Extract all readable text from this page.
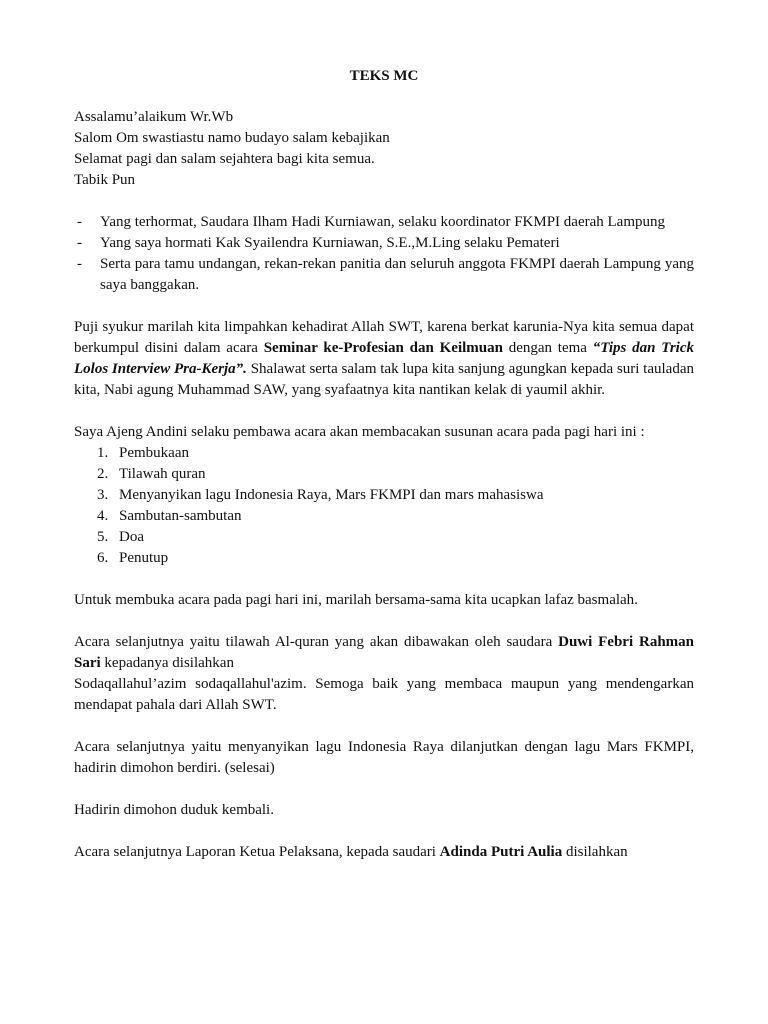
TEKS MC

Assalamu’alaikum Wr.Wb

Salom Om swastiastu namo budayo salam kebajikan

Selamat pagi dan salam sejahtera bagi kita semua.

Tabik Pun

- Yang terhormat, Saudara Ilham Hadi Kurniawan, selaku koordinator FKMPI daerah Lampung
- Yang saya hormati Kak Syailendra Kurniawan, S.E.,M.Ling selaku Pemateri
- Serta para tamu undangan, rekan-rekan panitia dan seluruh anggota FKMPI daerah Lampung yang saya banggakan.

Puji syukur marilah kita limpahkan kehadirat Allah SWT, karena berkat karunia-Nya kita semua dapat berkumpul disini dalam acara Seminar ke-Profesian dan Keilmuan dengan tema “Tips dan Trick Lolos Interview Pra-Kerja”. Shalawat serta salam tak lupa kita sanjung agungkan kepada suri tauladan kita, Nabi agung Muhammad SAW, yang syafaatnya kita nantikan kelak di yaumil akhir.

Saya Ajeng Andini selaku pembawa acara akan membacakan susunan acara pada pagi hari ini :

1. Pembukaan
2. Tilawah quran
3. Menyanyikan lagu Indonesia Raya, Mars FKMPI dan mars mahasiswa
4. Sambutan-sambutan
5. Doa
6. Penutup

Untuk membuka acara pada pagi hari ini, marilah bersama-sama kita ucapkan lafaz basmalah.

Acara selanjutnya yaitu tilawah Al-quran yang akan dibawakan oleh saudara Duwi Febri Rahman Sari kepadanya disilahkan

Sodaqallahul’azim sodaqallahul'azim. Semoga baik yang membaca maupun yang mendengarkan mendapat pahala dari Allah SWT.

Acara selanjutnya yaitu menyanyikan lagu Indonesia Raya dilanjutkan dengan lagu Mars FKMPI, hadirin dimohon berdiri. (selesai)

Hadirin dimohon duduk kembali.

Acara selanjutnya Laporan Ketua Pelaksana, kepada saudari Adinda Putri Aulia disilahkan
